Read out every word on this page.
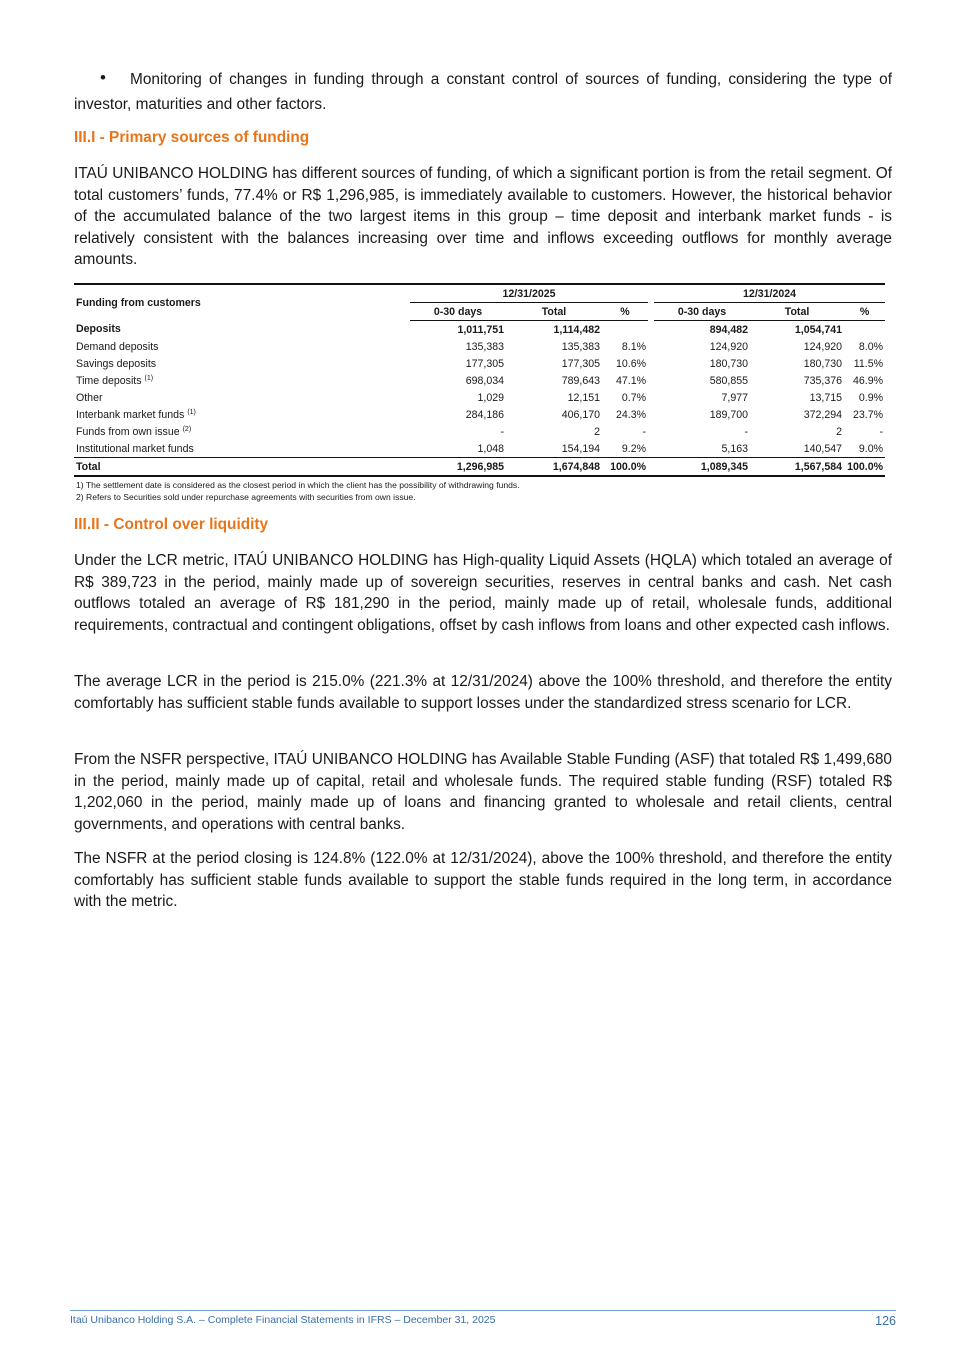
•	Monitoring of changes in funding through a constant control of sources of funding, considering the type of investor, maturities and other factors.

III.I - Primary sources of funding

ITAÚ UNIBANCO HOLDING has different sources of funding, of which a significant portion is from the retail segment. Of total customers’ funds, 77.4% or R$ 1,296,985, is immediately available to customers. However, the historical behavior of the accumulated balance of the two largest items in this group – time deposit and interbank market funds - is relatively consistent with the balances increasing over time and inflows exceeding outflows for monthly average amounts.

Funding from customers	12/31/2025				12/31/2024		
	0-30 days	Total	%		0-30 days	Total	%
Deposits	1,011,751	1,114,482			894,482	1,054,741	
Demand deposits	135,383	135,383	8.1%		124,920	124,920	8.0%
Savings deposits	177,305	177,305	10.6%		180,730	180,730	11.5%
Time deposits $^{(1)}$	698,034	789,643	47.1%		580,855	735,376	46.9%
Other	1,029	12,151	0.7%		7,977	13,715	0.9%
Interbank market funds $^{(1)}$	284,186	406,170	24.3%		189,700	372,294	23.7%
Funds from own issue $^{(2)}$	-	2	-		-	2	-
Institutional market funds	1,048	154,194	9.2%		5,163	140,547	9.0%
Total	1,296,985	1,674,848	100.0%		1,089,345	1,567,584	100.0%
1) The settlement date is considered as the closest period in which the client has the possibility of withdrawing funds.
2) Refers to Securities sold under repurchase agreements with securities from own issue.
III.II - Control over liquidity

Under the LCR metric, ITAÚ UNIBANCO HOLDING has High-quality Liquid Assets (HQLA) which totaled an average of R$ 389,723 in the period, mainly made up of sovereign securities, reserves in central banks and cash. Net cash outflows totaled an average of R$ 181,290 in the period, mainly made up of retail, wholesale funds, additional requirements, contractual and contingent obligations, offset by cash inflows from loans and other expected cash inflows.

The average LCR in the period is 215.0% (221.3% at 12/31/2024) above the 100% threshold, and therefore the entity comfortably has sufficient stable funds available to support losses under the standardized stress scenario for LCR.

From the NSFR perspective, ITAÚ UNIBANCO HOLDING has Available Stable Funding (ASF) that totaled R$ 1,499,680 in the period, mainly made up of capital, retail and wholesale funds. The required stable funding (RSF) totaled R$ 1,202,060 in the period, mainly made up of loans and financing granted to wholesale and retail clients, central governments, and operations with central banks.

The NSFR at the period closing is 124.8% (122.0% at 12/31/2024), above the 100% threshold, and therefore the entity comfortably has sufficient stable funds available to support the stable funds required in the long term, in accordance with the metric.

Itaú Unibanco Holding S.A. – Complete Financial Statements in IFRS – December 31, 2025	126
